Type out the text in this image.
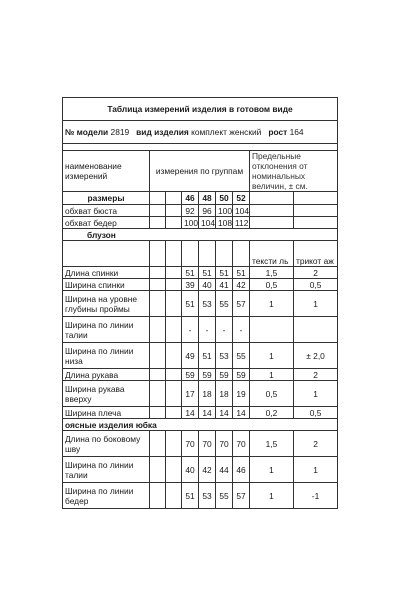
Таблица измерений изделия в готовом виде								
№ модели 2819 вид изделия комплект женский рост 164								

наименование измерений	измерения по группам						Предельные отклонения от номинальных величин, ± см.	
размеры			46	48	50	52		
обхват бюста			92	96	100	104		
обхват бедер			100	104	108	112		
блузон								
							тексти ль	трикот аж
Длина спинки			51	51	51	51	1,5	2
Ширина спинки			39	40	41	42	0,5	0,5
Ширина на уровне глубины проймы			51	53	55	57	1	1
Ширина по линии талии			-	-	-	-		
Ширина по линии низа			49	51	53	55	1	± 2,0
Длина рукава			59	59	59	59	1	2
Ширина рукава вверху			17	18	18	19	0,5	1
Ширина плеча			14	14	14	14	0,2	0,5
оясные изделия юбка								
Длина по боковому шву			70	70	70	70	1,5	2
Ширина по линии талии			40	42	44	46	1	1
Ширина по линии бедер			51	53	55	57	1	-1
